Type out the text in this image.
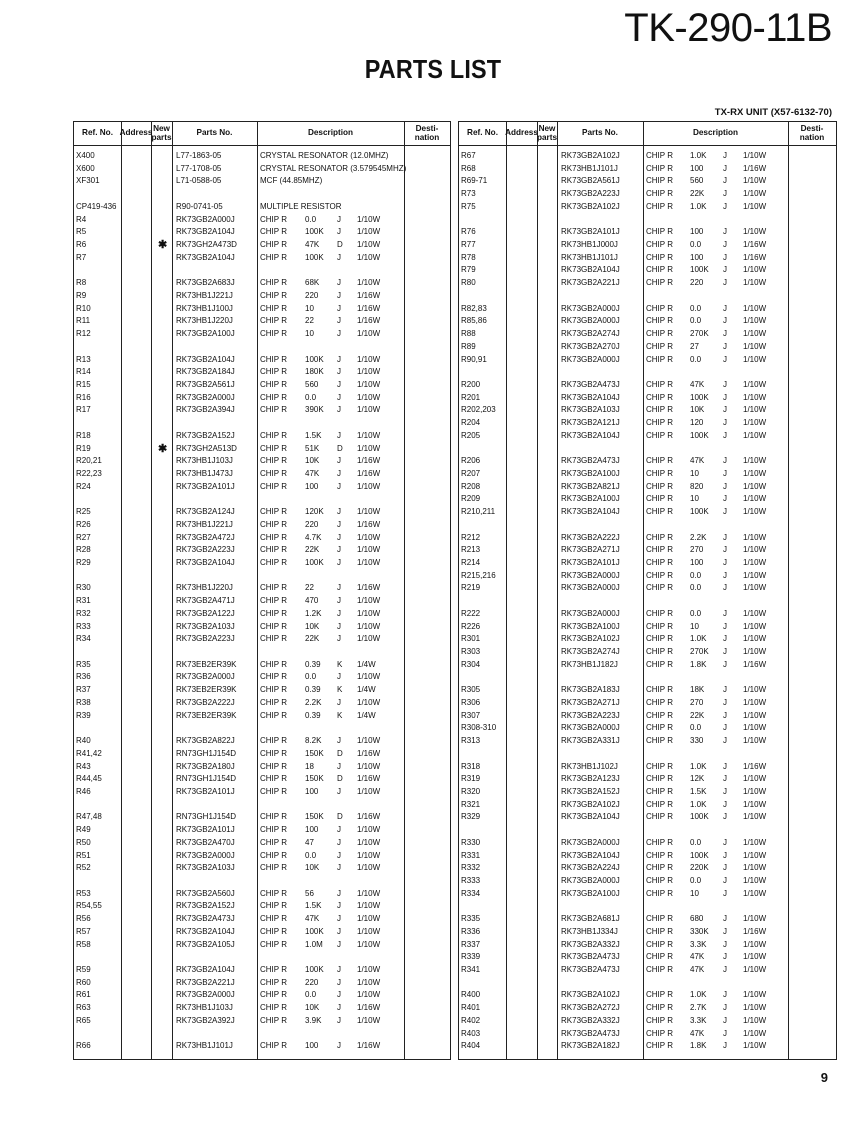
TK-290-11B
PARTS LIST
TX-RX UNIT (X57-6132-70)
Ref. No. Address New
parts	Parts No.	Description	Desti-
nation
X400	L77-1863-05	CRYSTAL RESONATOR (12.0MHZ)
X600	L77-1708-05	CRYSTAL RESONATOR (3.579545MHZ)
XF301	L71-0588-05	MCF (44.85MHZ)
CP419-436	R90-0741-05	MULTIPLE RESISTOR
R4	RK73GB2A000J	CHIP R 0.0	J 1/10W
R5	RK73GB2A104J	CHIP R 100K J 1/10W
R6	✱ RK73GH2A473D	CHIP R 47K D 1/10W
R7	RK73GB2A104J	CHIP R 100K J 1/10W
R8	RK73GB2A683J	CHIP R 68K J 1/10W
R9	RK73HB1J221J	CHIP R 220 J 1/16W
R10	RK73HB1J100J	CHIP R 10	J 1/16W
R11	RK73HB1J220J	CHIP R 22	J 1/16W
R12	RK73GB2A100J	CHIP R 10	J 1/10W
R13	RK73GB2A104J	CHIP R 100K J 1/10W
R14	RK73GB2A184J	CHIP R 180K J 1/10W
R15	RK73GB2A561J	CHIP R 560 J 1/10W
R16	RK73GB2A000J	CHIP R 0.0	J 1/10W
R17	RK73GB2A394J	CHIP R 390K J 1/10W
R18	RK73GB2A152J	CHIP R 1.5K J 1/10W
R19	✱ RK73GH2A513D	CHIP R 51K D 1/10W
R20,21	RK73HB1J103J	CHIP R 10K J 1/16W
R22,23	RK73HB1J473J	CHIP R 47K J 1/16W
R24	RK73GB2A101J	CHIP R 100 J 1/10W
R25	RK73GB2A124J	CHIP R 120K J 1/10W
R26	RK73HB1J221J	CHIP R 220 J 1/16W
R27	RK73GB2A472J	CHIP R 4.7K J 1/10W
R28	RK73GB2A223J	CHIP R 22K J 1/10W
R29	RK73GB2A104J	CHIP R 100K J 1/10W
R30	RK73HB1J220J	CHIP R 22	J 1/16W
R31	RK73GB2A471J	CHIP R 470 J 1/10W
R32	RK73GB2A122J	CHIP R 1.2K J 1/10W
R33	RK73GB2A103J	CHIP R 10K J 1/10W
R34	RK73GB2A223J	CHIP R 22K J 1/10W
R35	RK73EB2ER39K	CHIP R 0.39 K 1/4W
R36	RK73GB2A000J	CHIP R 0.0	J 1/10W
R37	RK73EB2ER39K	CHIP R 0.39 K 1/4W
R38	RK73GB2A222J	CHIP R 2.2K J 1/10W
R39	RK73EB2ER39K	CHIP R 0.39 K 1/4W
R40	RK73GB2A822J	CHIP R 8.2K J 1/10W
R41,42	RN73GH1J154D	CHIP R 150K D 1/16W
R43	RK73GB2A180J	CHIP R 18	J 1/10W
R44,45	RN73GH1J154D	CHIP R 150K D 1/16W
R46	RK73GB2A101J	CHIP R 100 J 1/10W
R47,48	RN73GH1J154D	CHIP R 150K D 1/16W
R49	RK73GB2A101J	CHIP R 100 J 1/10W
R50	RK73GB2A470J	CHIP R 47	J 1/10W
R51	RK73GB2A000J	CHIP R 0.0	J 1/10W
R52	RK73GB2A103J	CHIP R 10K J 1/10W
R53	RK73GB2A560J	CHIP R 56	J 1/10W
R54,55	RK73GB2A152J	CHIP R 1.5K J 1/10W
R56	RK73GB2A473J	CHIP R 47K J 1/10W
R57	RK73GB2A104J	CHIP R 100K J 1/10W
R58	RK73GB2A105J	CHIP R 1.0M J 1/10W
R59	RK73GB2A104J	CHIP R 100K J 1/10W
R60	RK73GB2A221J	CHIP R 220 J 1/10W
R61	RK73GB2A000J	CHIP R 0.0	J 1/10W
R63	RK73HB1J103J	CHIP R 10K J 1/16W
R65	RK73GB2A392J	CHIP R 3.9K J 1/10W
R66	RK73HB1J101J	CHIP R 100 J 1/16W
Ref. No. Address New
parts	Parts No.	Description	Desti-
nation
R67	RK73GB2A102J	CHIP R 1.0K J 1/10W
R68	RK73HB1J101J	CHIP R 100 J 1/16W
R69-71	RK73GB2A561J	CHIP R 560 J 1/10W
R73	RK73GB2A223J	CHIP R 22K J 1/10W
R75	RK73GB2A102J	CHIP R 1.0K J 1/10W
R76	RK73GB2A101J	CHIP R 100 J 1/10W
R77	RK73HB1J000J	CHIP R 0.0	J 1/16W
R78	RK73HB1J101J	CHIP R 100 J 1/16W
R79	RK73GB2A104J	CHIP R 100K J 1/10W
R80	RK73GB2A221J	CHIP R 220 J 1/10W
R82,83	RK73GB2A000J	CHIP R 0.0	J 1/10W
R85,86	RK73GB2A000J	CHIP R 0.0	J 1/10W
R88	RK73GB2A274J	CHIP R 270K J 1/10W
R89	RK73GB2A270J	CHIP R 27	J 1/10W
R90,91	RK73GB2A000J	CHIP R 0.0	J 1/10W
R200	RK73GB2A473J	CHIP R 47K J 1/10W
R201	RK73GB2A104J	CHIP R 100K J 1/10W
R202,203	RK73GB2A103J	CHIP R 10K J 1/10W
R204	RK73GB2A121J	CHIP R 120 J 1/10W
R205	RK73GB2A104J	CHIP R 100K J 1/10W
R206	RK73GB2A473J	CHIP R 47K J 1/10W
R207	RK73GB2A100J	CHIP R 10	J 1/10W
R208	RK73GB2A821J	CHIP R 820 J 1/10W
R209	RK73GB2A100J	CHIP R 10	J 1/10W
R210,211	RK73GB2A104J	CHIP R 100K J 1/10W
R212	RK73GB2A222J	CHIP R 2.2K J 1/10W
R213	RK73GB2A271J	CHIP R 270 J 1/10W
R214	RK73GB2A101J	CHIP R 100 J 1/10W
R215,216	RK73GB2A000J	CHIP R 0.0	J 1/10W
R219	RK73GB2A000J	CHIP R 0.0	J 1/10W
R222	RK73GB2A000J	CHIP R 0.0	J 1/10W
R226	RK73GB2A100J	CHIP R 10	J 1/10W
R301	RK73GB2A102J	CHIP R 1.0K J 1/10W
R303	RK73GB2A274J	CHIP R 270K J 1/10W
R304	RK73HB1J182J	CHIP R 1.8K J 1/16W
R305	RK73GB2A183J	CHIP R 18K J 1/10W
R306	RK73GB2A271J	CHIP R 270 J 1/10W
R307	RK73GB2A223J	CHIP R 22K J 1/10W
R308-310	RK73GB2A000J	CHIP R 0.0	J 1/10W
R313	RK73GB2A331J	CHIP R 330 J 1/10W
R318	RK73HB1J102J	CHIP R 1.0K J 1/16W
R319	RK73GB2A123J	CHIP R 12K J 1/10W
R320	RK73GB2A152J	CHIP R 1.5K J 1/10W
R321	RK73GB2A102J	CHIP R 1.0K J 1/10W
R329	RK73GB2A104J	CHIP R 100K J 1/10W
R330	RK73GB2A000J	CHIP R 0.0	J 1/10W
R331	RK73GB2A104J	CHIP R 100K J 1/10W
R332	RK73GB2A224J	CHIP R 220K J 1/10W
R333	RK73GB2A000J	CHIP R 0.0	J 1/10W
R334	RK73GB2A100J	CHIP R 10	J 1/10W
R335	RK73GB2A681J	CHIP R 680 J 1/10W
R336	RK73HB1J334J	CHIP R 330K J 1/16W
R337	RK73GB2A332J	CHIP R 3.3K J 1/10W
R339	RK73GB2A473J	CHIP R 47K J 1/10W
R341	RK73GB2A473J	CHIP R 47K J 1/10W
R400	RK73GB2A102J	CHIP R 1.0K J 1/10W
R401	RK73GB2A272J	CHIP R 2.7K J 1/10W
R402	RK73GB2A332J	CHIP R 3.3K J 1/10W
R403	RK73GB2A473J	CHIP R 47K J 1/10W
R404	RK73GB2A182J	CHIP R 1.8K J 1/10W
9
